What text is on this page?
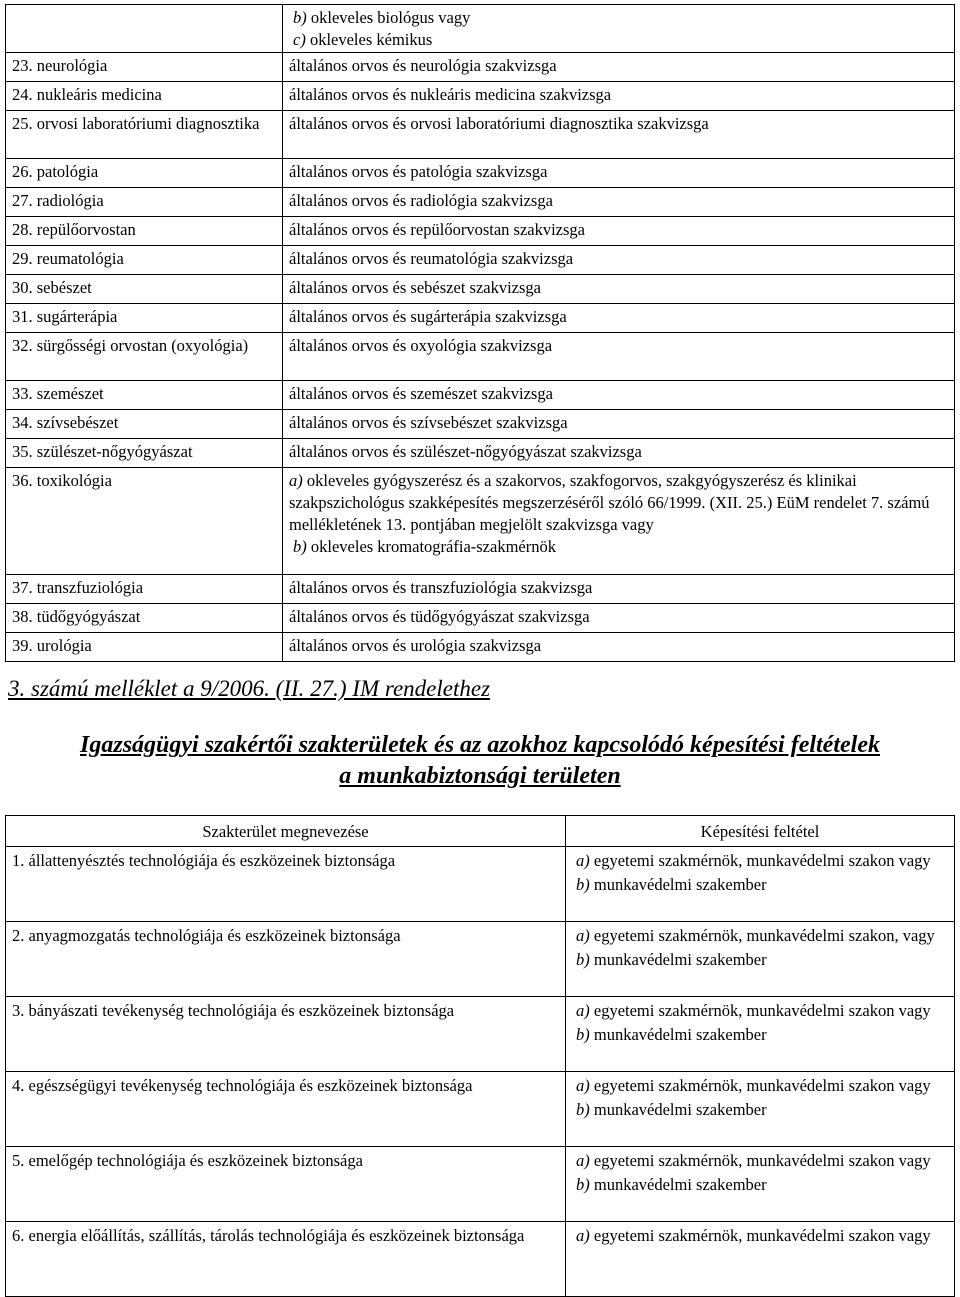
	b) okleveles biológus vagy
c) okleveles kémikus

23. neurológia	általános orvos és neurológia szakvizsga
24. nukleáris medicina	általános orvos és nukleáris medicina szakvizsga
25. orvosi laboratóriumi diagnosztika	általános orvos és orvosi laboratóriumi diagnosztika szakvizsga
26. patológia	általános orvos és patológia szakvizsga
27. radiológia	általános orvos és radiológia szakvizsga
28. repülőorvostan	általános orvos és repülőorvostan szakvizsga
29. reumatológia	általános orvos és reumatológia szakvizsga
30. sebészet	általános orvos és sebészet szakvizsga
31. sugárterápia	általános orvos és sugárterápia szakvizsga
32. sürgősségi orvostan (oxyológia)	általános orvos és oxyológia szakvizsga
33. szemészet	általános orvos és szemészet szakvizsga
34. szívsebészet	általános orvos és szívsebészet szakvizsga
35. szülészet-nőgyógyászat	általános orvos és szülészet-nőgyógyászat szakvizsga
36. toxikológia	a) okleveles gyógyszerész és a szakorvos, szakfogorvos, szakgyógyszerész és klinikai szakpszichológus szakképesítés megszerzéséről szóló 66/1999. (XII. 25.) EüM rendelet 7. számú mellékletének 13. pontjában megjelölt szakvizsga vagy
b) okleveles kromatográfia-szakmérnök

37. transzfuziológia	általános orvos és transzfuziológia szakvizsga
38. tüdőgyógyászat	általános orvos és tüdőgyógyászat szakvizsga
39. urológia	általános orvos és urológia szakvizsga
3. számú melléklet a 9/2006. (II. 27.) IM rendelethez
Igazságügyi szakértői szakterületek és az azokhoz kapcsolódó képesítési feltételek
a munkabiztonsági területen
Szakterület megnevezése	Képesítési feltétel
1. állattenyésztés technológiája és eszközeinek biztonsága	a) egyetemi szakmérnök, munkavédelmi szakon vagy
b) munkavédelmi szakember

2. anyagmozgatás technológiája és eszközeinek biztonsága	a) egyetemi szakmérnök, munkavédelmi szakon, vagy
b) munkavédelmi szakember

3. bányászati tevékenység technológiája és eszközeinek biztonsága	a) egyetemi szakmérnök, munkavédelmi szakon vagy
b) munkavédelmi szakember

4. egészségügyi tevékenység technológiája és eszközeinek biztonsága	a) egyetemi szakmérnök, munkavédelmi szakon vagy
b) munkavédelmi szakember

5. emelőgép technológiája és eszközeinek biztonsága	a) egyetemi szakmérnök, munkavédelmi szakon vagy
b) munkavédelmi szakember

6. energia előállítás, szállítás, tárolás technológiája és eszközeinek biztonsága	a) egyetemi szakmérnök, munkavédelmi szakon vagy
